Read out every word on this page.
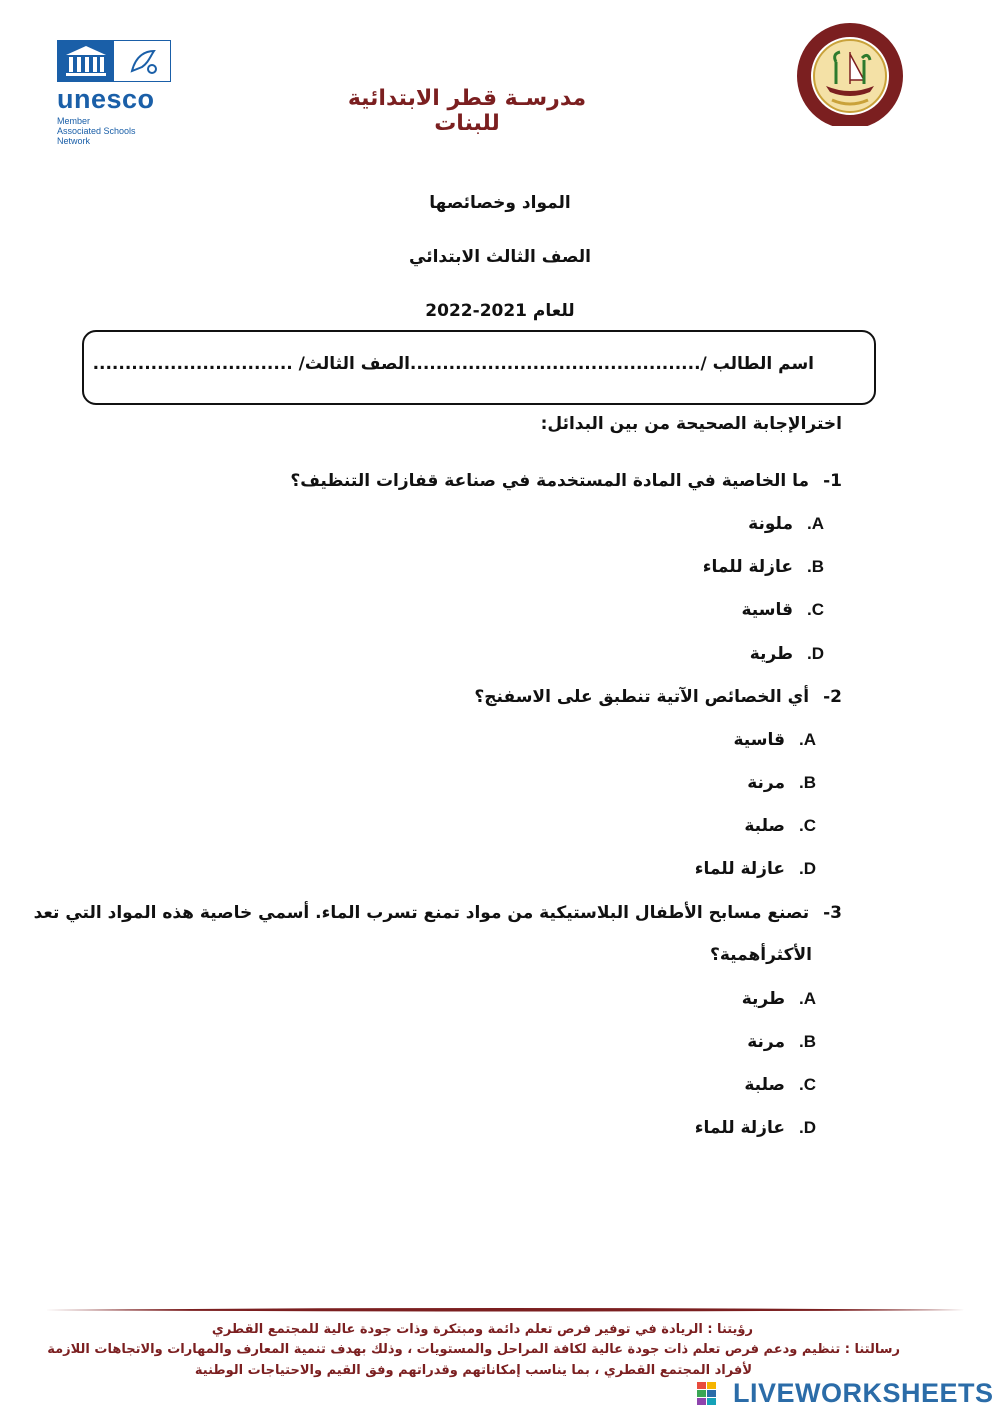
unesco
Member
Associated Schools
Network
مدرسـة قطر الابتدائية للبنات
المواد وخصائصها
الصف الثالث الابتدائي
للعام 2021-2022
اسم الطالب /.............................................الصف الثالث/ ...............................
اخترالإجابة الصحيحة من بين البدائل:
1-ما الخاصية في المادة المستخدمة في صناعة قفازات التنظيف؟
A.ملونة
B.عازلة للماء
C.قاسية
D.طرية
2-أي الخصائص الآتية تنطبق على الاسفنج؟
A.قاسية
B.مرنة
C.صلبة
D.عازلة للماء
3-تصنع مسابح الأطفال البلاستيكية من مواد تمنع تسرب الماء. أسمي خاصية هذه المواد التي تعد
الأكثرأهمية؟
A.طرية
B.مرنة
C.صلبة
D.عازلة للماء
رؤيتنا : الريادة في توفير فرص تعلم دائمة ومبتكرة وذات جودة عالية للمجتمع القطري
رسالتنا : تنظيم ودعم فرص تعلم ذات جودة عالية لكافة المراحل والمستويات ، وذلك بهدف تنمية المعارف والمهارات والاتجاهات اللازمة
لأفراد المجتمع القطري ، بما يناسب إمكاناتهم وقدراتهم وفق القيم والاحتياجات الوطنية
LIVEWORKSHEETS
